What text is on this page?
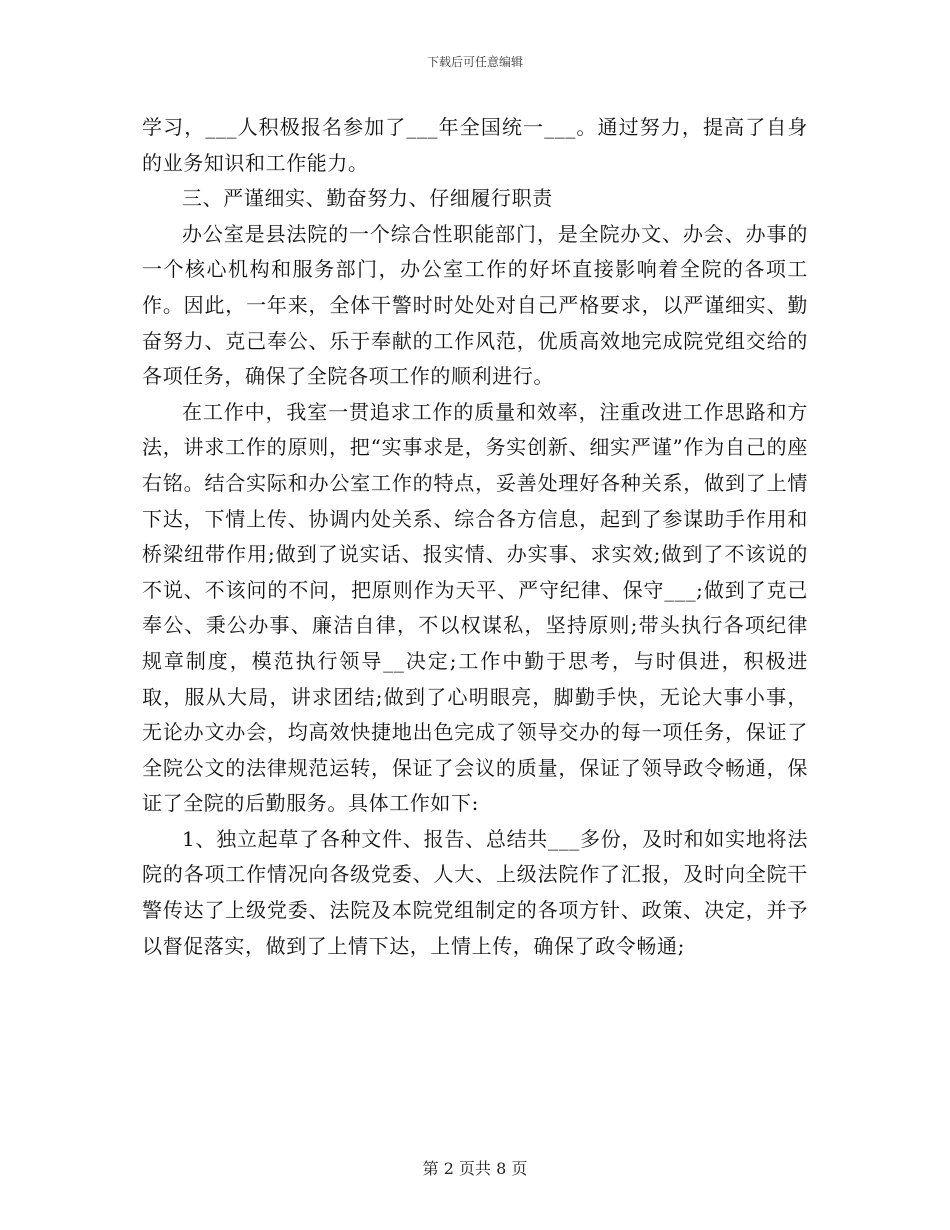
下载后可任意编辑

学习，___人积极报名参加了___年全国统一___。通过努力，提高了自身的业务知识和工作能力。

三、严谨细实、勤奋努力、仔细履行职责

办公室是县法院的一个综合性职能部门，是全院办文、办会、办事的一个核心机构和服务部门，办公室工作的好坏直接影响着全院的各项工作。因此，一年来，全体干警时时处处对自己严格要求，以严谨细实、勤奋努力、克己奉公、乐于奉献的工作风范，优质高效地完成院党组交给的各项任务，确保了全院各项工作的顺利进行。

在工作中，我室一贯追求工作的质量和效率，注重改进工作思路和方法，讲求工作的原则，把“实事求是，务实创新、细实严谨”作为自己的座右铭。结合实际和办公室工作的特点，妥善处理好各种关系，做到了上情下达，下情上传、协调内处关系、综合各方信息，起到了参谋助手作用和桥梁纽带作用;做到了说实话、报实情、办实事、求实效;做到了不该说的不说、不该问的不问，把原则作为天平、严守纪律、保守___;做到了克己奉公、秉公办事、廉洁自律，不以权谋私，坚持原则;带头执行各项纪律规章制度，模范执行领导__决定;工作中勤于思考，与时俱进，积极进取，服从大局，讲求团结;做到了心明眼亮，脚勤手快，无论大事小事，无论办文办会，均高效快捷地出色完成了领导交办的每一项任务，保证了全院公文的法律规范运转，保证了会议的质量，保证了领导政令畅通，保证了全院的后勤服务。具体工作如下:

1、独立起草了各种文件、报告、总结共___多份，及时和如实地将法院的各项工作情况向各级党委、人大、上级法院作了汇报，及时向全院干警传达了上级党委、法院及本院党组制定的各项方针、政策、决定，并予以督促落实，做到了上情下达，上情上传，确保了政令畅通;

第 2 页共 8 页
